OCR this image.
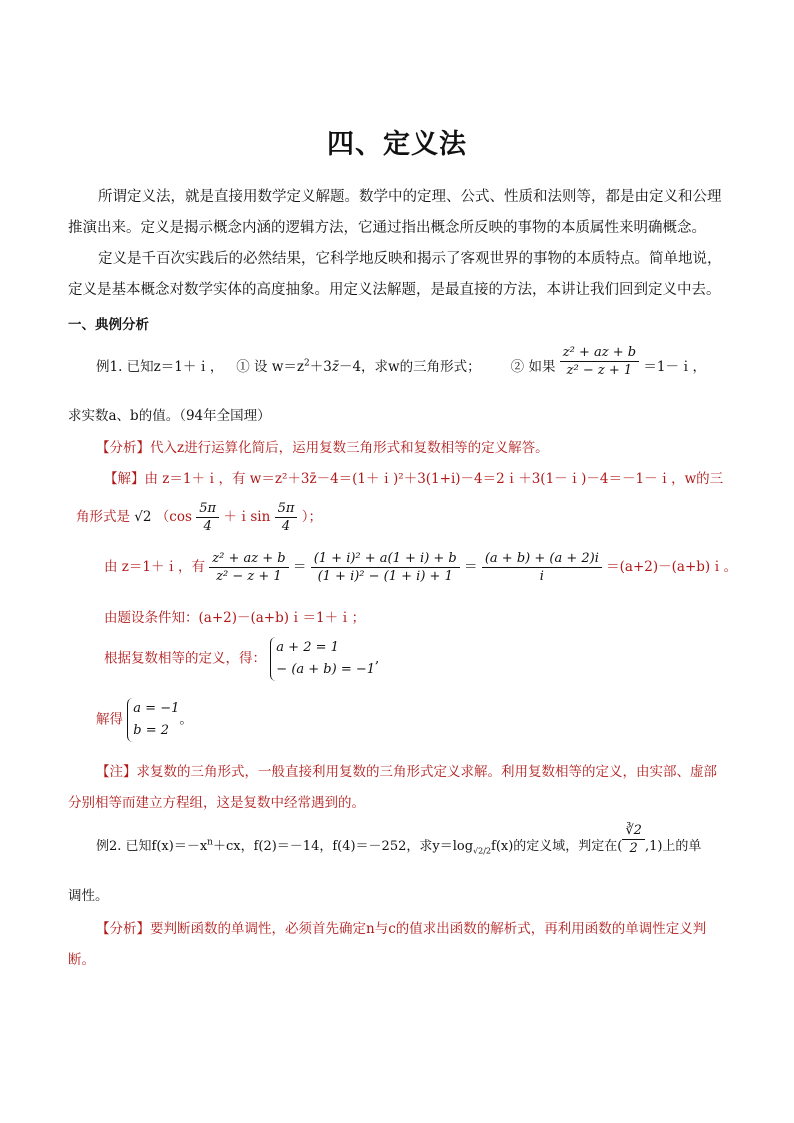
四、定义法
所谓定义法，就是直接用数学定义解题。数学中的定理、公式、性质和法则等，都是由定义和公理推演出来。定义是揭示概念内涵的逻辑方法，它通过指出概念所反映的事物的本质属性来明确概念。
定义是千百次实践后的必然结果，它科学地反映和揭示了客观世界的事物的本质特点。简单地说，定义是基本概念对数学实体的高度抽象。用定义法解题，是最直接的方法，本讲让我们回到定义中去。
一、典例分析
例1. 已知z＝1＋ｉ， ① 设 $w=z^2+3z̄-4$，求w的三角形式； ② 如果 $\frac{\text{z² + az + b}}{\text{z² − z + 1}}$ ＝1－ｉ，
求实数a、b的值。（94年全国理）
【分析】代入z进行运算化简后，运用复数三角形式和复数相等的定义解答。
【解】由 z＝1＋ｉ，有 w＝z²＋3z̄－4＝(1＋ｉ)²＋3(1+i)－4＝2ｉ＋3(1－ｉ)－4＝－1－ｉ，w的三
角形式是 √2 （$\cos \frac{5\pi}{4}$ ＋ｉsin $\frac{5\pi}{4}$ ）；
由 z＝1＋ｉ，有 $\frac{\text{z² + az + b}}{\text{z² − z + 1}} = \frac{\text{(1 + i)² + a(1 + i) + b}}{\text{(1 + i)² − (1 + i) + 1}} = \frac{(a + b) + (a + 2)i}{i}$ ＝(a+2)－(a+b)ｉ。
由题设条件知：(a+2)－(a+b)ｉ＝1＋ｉ；
根据复数相等的定义，得：
a + 2 = 1
− (a + b) = −1
,
解得
a = −1
b = 2
。
【注】求复数的三角形式，一般直接利用复数的三角形式定义求解。利用复数相等的定义，由实部、虚部分别相等而建立方程组，这是复数中经常遇到的。
例2. 已知$f(x)=-x^n+cx$，f(2)＝－14，f(4)＝－252，求$y=\log_{√2/2}f(x)$的定义域，判定在( $\frac{∛2}{2} ,1$)上的单
调性。
【分析】要判断函数的单调性，必须首先确定n与c的值求出函数的解析式，再利用函数的单调性定义判断。
